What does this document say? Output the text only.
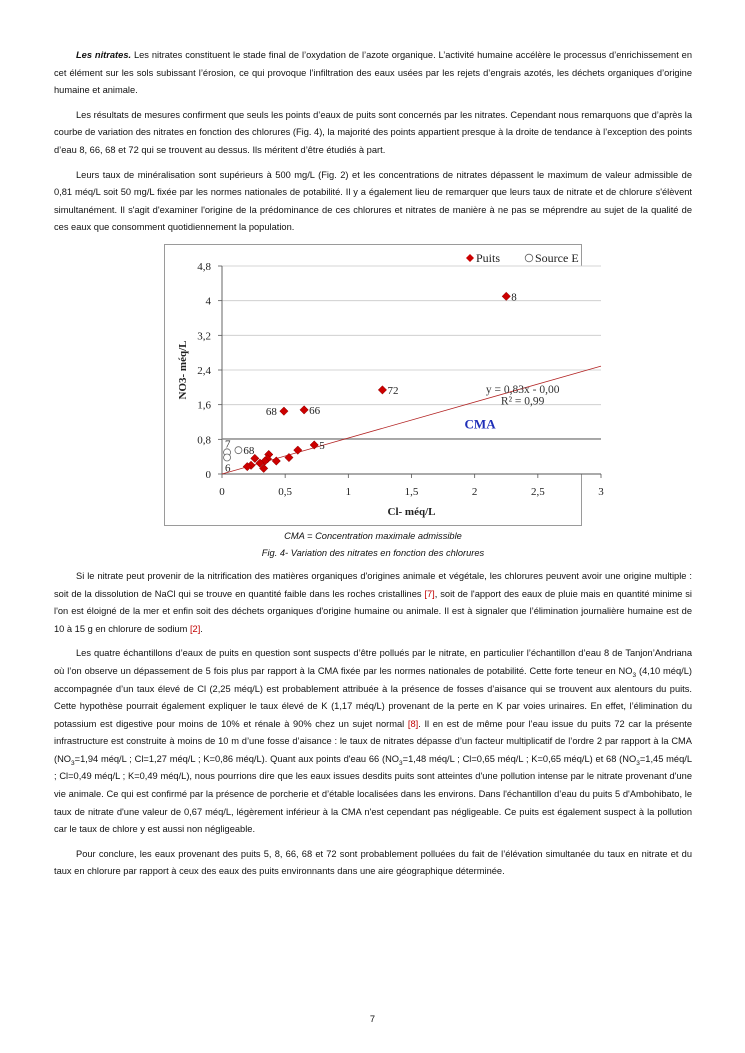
Les nitrates. Les nitrates constituent le stade final de l’oxydation de l’azote organique. L’activité humaine accélère le processus d’enrichissement en cet élément sur les sols subissant l’érosion, ce qui provoque l’infiltration des eaux usées par les rejets d’engrais azotés, les déchets organiques d’origine humaine et animale.

Les résultats de mesures confirment que seuls les points d’eaux de puits sont concernés par les nitrates. Cependant nous remarquons que d’après la courbe de variation des nitrates en fonction des chlorures (Fig. 4), la majorité des points appartient presque à la droite de tendance à l’exception des points d’eau 8, 66, 68 et 72 qui se trouvent au dessus. Ils méritent d’être étudiés à part.

Leurs taux de minéralisation sont supérieurs à 500 mg/L (Fig. 2) et les concentrations de nitrates dépassent le maximum de valeur admissible de 0,81 méq/L soit 50 mg/L fixée par les normes nationales de potabilité. Il y a également lieu de remarquer que leurs taux de nitrate et de chlorure s'élèvent simultanément. Il s'agit d'examiner l'origine de la prédominance de ces chlorures et nitrates de manière à ne pas se méprendre au sujet de la qualité de ces eaux que consomment quotidiennement la population.

0
0,8
1,6
2,4
3,2
4
4,8
0	0,5	1	1,5	2	2,5	3
Cl- méq/L
NO3- méq/L
CMA
y = 0,83x - 0,00
R² = 0,99
8
72
66
68
5
68
7
6
Puits	Source E

CMA = Concentration maximale admissible

Fig. 4- Variation des nitrates en fonction des chlorures

Si le nitrate peut provenir de la nitrification des matières organiques d'origines animale et végétale, les chlorures peuvent avoir une origine multiple : soit de la dissolution de NaCl qui se trouve en quantité faible dans les roches cristallines [7], soit de l'apport des eaux de pluie mais en quantité minime si l'on est éloigné de la mer et enfin soit des déchets organiques d'origine humaine ou animale. Il est à signaler que l’élimination journalière humaine est de 10 à 15 g en chlorure de sodium [2].

Les quatre échantillons d’eaux de puits en question sont suspects d’être pollués par le nitrate, en particulier l’échantillon d’eau 8 de Tanjon’Andriana où l’on observe un dépassement de 5 fois plus par rapport à la CMA fixée par les normes nationales de potabilité. Cette forte teneur en $NO_3$ (4,10 méq/L) accompagnée d’un taux élevé de Cl (2,25 méq/L) est probablement attribuée à la présence de fosses d’aisance qui se trouvent aux alentours du puits. Cette hypothèse pourrait également expliquer le taux élevé de K (1,17 méq/L) provenant de la perte en K par voies urinaires. En effet, l’élimination du potassium est digestive pour moins de 10% et rénale à 90% chez un sujet normal [8]. Il en est de même pour l’eau issue du puits 72 car la présente infrastructure est construite à moins de 10 m d’une fosse d’aisance : le taux de nitrates dépasse d’un facteur multiplicatif de l’ordre 2 par rapport à la CMA ($NO_3=1,94$ méq/L ; Cl=1,27 méq/L ; K=0,86 méq/L). Quant aux points d'eau 66 ($NO_3=1,48$ méq/L ; Cl=0,65 méq/L ; K=0,65 méq/L) et 68 ($NO_3=1,45$ méq/L ; Cl=0,49 méq/L ; K=0,49 méq/L), nous pourrions dire que les eaux issues desdits puits sont atteintes d'une pollution intense par le nitrate provenant d'une vie animale. Ce qui est confirmé par la présence de porcherie et d’étable localisées dans les environs. Dans l'échantillon d’eau du puits 5 d'Ambohibato, le taux de nitrate d'une valeur de 0,67 méq/L, légèrement inférieur à la CMA n'est cependant pas négligeable. Ce puits est également suspect à la pollution car le taux de chlore y est aussi non négligeable.

Pour conclure, les eaux provenant des puits 5, 8, 66, 68 et 72 sont probablement polluées du fait de l’élévation simultanée du taux en nitrate et du taux en chlorure par rapport à ceux des eaux des puits environnants dans une aire géographique déterminée.

7
